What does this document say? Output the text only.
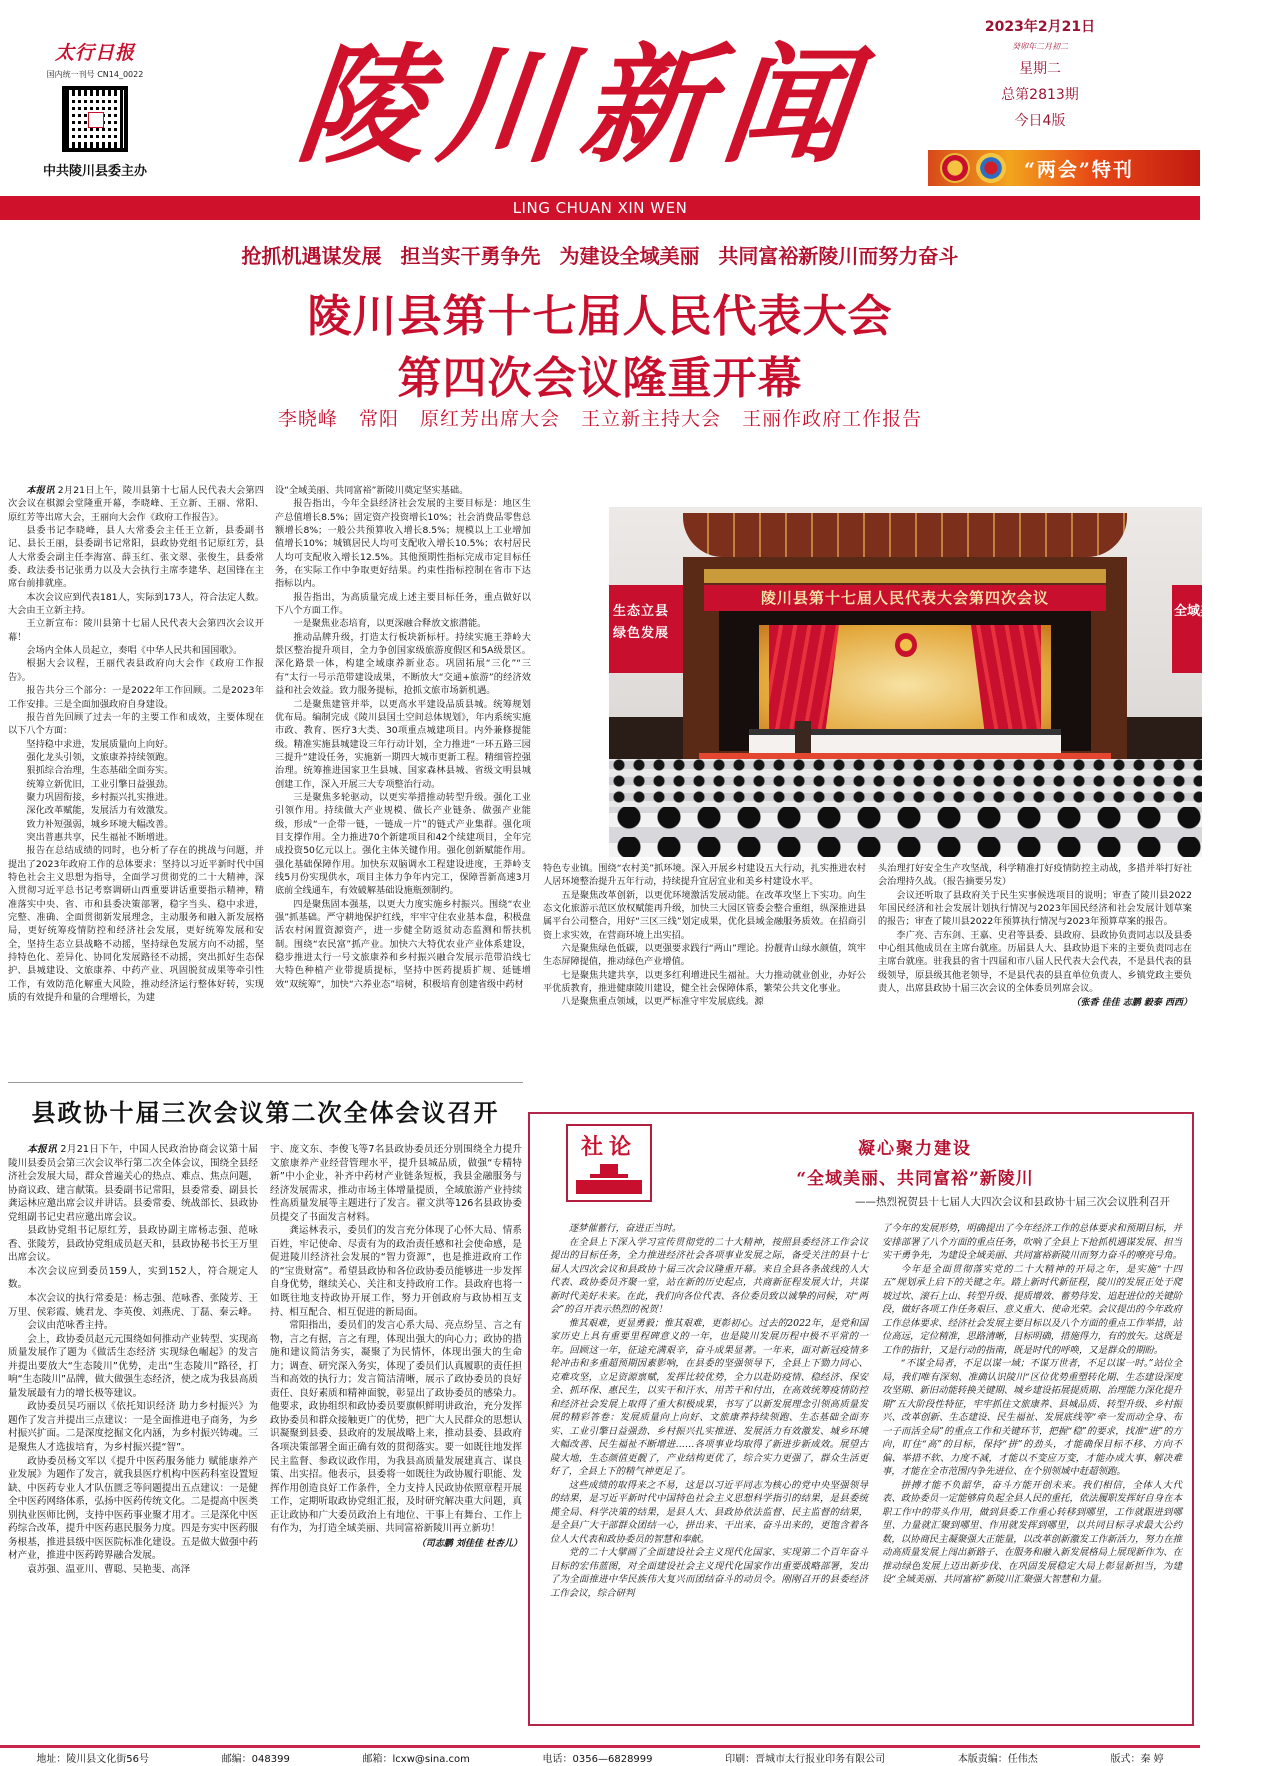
太行日报
国内统一刊号 CN14_0022
中共陵川县委主办 陵
川
新
闻
2023年2月21日
癸卯年二月初二
星期二
总第2813期
今日4版
“两会”特刊
LING CHUAN XIN WEN
抢抓机遇谋发展 担当实干勇争先 为建设全域美丽 共同富裕新陵川而努力奋斗
陵川县第十七届人民代表大会
第四次会议隆重开幕
李晓峰 常阳 原红芳出席大会 王立新主持大会 王丽作政府工作报告

本报讯 2月21日上午，陵川县第十七届人民代表大会第四次会议在棋源会堂隆重开幕，李晓峰、王立新、王丽、常阳、原红芳等出席大会，王丽向大会作《政府工作报告》。

县委书记李晓峰，县人大常委会主任王立新，县委副书记、县长王丽，县委副书记常阳，县政协党组书记原红芳，县人大常委会副主任李海富、薛玉红、张文翠、张俊生，县委常委、政法委书记张勇力以及大会执行主席李建华、赵国锋在主席台前排就座。

本次会议应到代表181人，实际到173人，符合法定人数。大会由王立新主持。

王立新宣布：陵川县第十七届人民代表大会第四次会议开幕！

会场内全体人员起立，奏唱《中华人民共和国国歌》。

根据大会议程，王丽代表县政府向大会作《政府工作报告》。

报告共分三个部分：一是2022年工作回顾。二是2023年工作安排。三是全面加强政府自身建设。

报告首先回顾了过去一年的主要工作和成效，主要体现在以下八个方面：

坚持稳中求进，发展质量向上向好。

强化龙头引领，文旅康养持续领跑。

狠抓综合治理，生态基础全面夯实。

统筹立新优旧，工业引擎日益强劲。

聚力巩固衔接，乡村振兴扎实推进。

深化改革赋能，发展活力有效激发。

致力补短强弱，城乡环境大幅改善。

突出普惠共享，民生福祉不断增进。

报告在总结成绩的同时，也分析了存在的挑战与问题，并提出了2023年政府工作的总体要求：坚持以习近平新时代中国特色社会主义思想为指导，全面学习贯彻党的二十大精神，深入贯彻习近平总书记考察调研山西重要讲话重要指示精神，精准落实中央、省、市和县委决策部署，稳字当头、稳中求进，完整、准确、全面贯彻新发展理念，主动服务和融入新发展格局，更好统筹疫情防控和经济社会发展，更好统筹发展和安全，坚持生态立县战略不动摇，坚持绿色发展方向不动摇，坚持特色化、差异化、协同化发展路径不动摇，突出抓好生态保护、县城建设、文旅康养、中药产业、巩固脱贫成果等牵引性工作，有效防范化解重大风险，推动经济运行整体好转，实现质的有效提升和量的合理增长，为建

设“全域美丽、共同富裕”新陵川奠定坚实基础。

报告指出，今年全县经济社会发展的主要目标是：地区生产总值增长8.5%；固定资产投资增长10%；社会消费品零售总额增长8%；一般公共预算收入增长8.5%；规模以上工业增加值增长10%；城镇居民人均可支配收入增长10.5%；农村居民人均可支配收入增长12.5%。其他预期性指标完成市定目标任务，在实际工作中争取更好结果。约束性指标控制在省市下达指标以内。

报告指出，为高质量完成上述主要目标任务，重点做好以下八个方面工作。

一是聚焦业态培育，以更深融合释放文旅潜能。

推动品牌升级，打造太行板块新标杆。持续实施王莽岭大景区整治提升项目，全力争创国家级旅游度假区和5A级景区。深化路景一体，构建全域康养新业态。巩固拓展“三化”“三有”太行一号示范带建设成果，不断放大“交通+旅游”的经济效益和社会效益。致力服务提标，抢抓文旅市场新机遇。

二是聚焦建管并举，以更高水平建设品质县城。统筹规划优布局。编制完成《陵川县国土空间总体规划》，年内系统实施市政、教育、医疗3大类、30项重点城建项目。内外兼修提能级。精准实施县城建设三年行动计划，全力推进“一环五路三园三提升”建设任务，实施新一期四大城市更新工程。精细管控强治理。统筹推进国家卫生县城、国家森林县城、省级文明县城创建工作，深入开展三大专项整治行动。

三是聚焦多轮驱动，以更实举措推动转型升级。强化工业引领作用。持续做大产业规模、做长产业链条、做强产业能级，形成“一企带一链，一链成一片”的链式产业集群。强化项目支撑作用。全力推进70个新建项目和42个续建项目，全年完成投资50亿元以上。强化主体关键作用。强化创新赋能作用。强化基础保障作用。加快东双脑调水工程建设进度，王莽岭支线5月份实现供水，项目主体力争年内完工，保障晋新高速3月底前全线通车，有效破解基础设施瓶颈制约。

四是聚焦固本强基，以更大力度实施乡村振兴。围绕“农业强”抓基础。严守耕地保护红线，牢牢守住农业基本盘，积极盘活农村闲置资源资产，进一步健全防返贫动态监测和帮扶机制。围绕“农民富”抓产业。加快六大特优农业产业体系建设，稳步推进太行一号文旅康养和乡村振兴融合发展示范带沿线七大特色种植产业带提质提标，坚持中医药提质扩规、延链增效“双统筹”，加快“六养业态”培树，积极培育创建省级中药材

陵川县第十七届人民代表大会第四次会议
生态立县 绿色发展
全域美丽 共同富裕

特色专业镇。围绕“农村美”抓环境。深入开展乡村建设五大行动，扎实推进农村人居环境整治提升五年行动，持续提升宜居宜业和美乡村建设水平。

五是聚焦改革创新，以更优环境激活发展动能。在改革攻坚上下实功。向生态文化旅游示范区放权赋能再升级，加快三大园区管委会整合重组，纵深推进县属平台公司整合，用好“三区三线”划定成果，优化县域金融服务质效。在招商引资上求实效，在营商环境上出实招。

六是聚焦绿色低碳，以更强要求践行“两山”理论。扮靓青山绿水颜值，筑牢生态屏障提值，推动绿色产业增值。

七是聚焦共建共享，以更多红利增进民生福祉。大力推动就业创业，办好公平优质教育，推进健康陵川建设，健全社会保障体系，繁荣公共文化事业。

八是聚焦重点领域，以更严标准守牢发展底线。源

头治理打好安全生产攻坚战，科学精准打好疫情防控主动战，多措并举打好社会治理持久战。（报告摘要另发）

会议还听取了县政府关于民生实事候选项目的说明；审查了陵川县2022年国民经济和社会发展计划执行情况与2023年国民经济和社会发展计划草案的报告；审查了陵川县2022年预算执行情况与2023年预算草案的报告。

李广亮、吉东剑、王嘉、史君等县委、县政府、县政协负责同志以及县委中心组其他成员在主席台就座。历届县人大、县政协退下来的主要负责同志在主席台就座。驻我县的省十四届和市八届人民代表大会代表，不是县代表的县级领导，原县级其他老领导，不是县代表的县直单位负责人、乡镇党政主要负责人，出席县政协十届三次会议的全体委员列席会议。

（张香 佳佳 志鹏 毅泰 西西）
县政协十届三次会议第二次全体会议召开

本报讯 2月21日下午，中国人民政治协商会议第十届陵川县委员会第三次会议举行第二次全体会议，围绕全县经济社会发展大局，群众普遍关心的热点、难点、焦点问题，协商议政、建言献策。县委副书记常阳，县委常委、副县长龚运林应邀出席会议并讲话。县委常委、统战部长、县政协党组副书记史君应邀出席会议。

县政协党组书记原红芳，县政协副主席杨志强、范咏香、张陵芳，县政协党组成员赵天和，县政协秘书长王万里出席会议。

本次会议应到委员159人，实到152人，符合规定人数。

本次会议的执行常委是：杨志强、范咏香、张陵芳、王万里、侯彩霞、姚君龙、李英俊、刘燕虎、丁磊、秦云峰。

会议由范咏香主持。

会上，政协委员赵元元围绕如何推动产业转型、实现高质量发展作了题为《做活生态经济 实现绿色崛起》的发言并提出要放大“生态陵川”优势，走出“生态陵川”路径，打响“生态陵川”品牌，做大做强生态经济，使之成为我县高质量发展最有力的增长极等建议。

政协委员吴巧丽以《依托知识经济 助力乡村振兴》为题作了发言并提出三点建议：一是全面推进电子商务，为乡村振兴扩面。二是深度挖掘文化内涵，为乡村振兴铸魂。三是聚焦人才选拔培育，为乡村振兴提“智”。

政协委员杨文军以《提升中医药服务能力 赋能康养产业发展》为题作了发言，就我县医疗机构中医药科室设置短缺、中医药专业人才队伍匮乏等问题提出五点建议：一是健全中医药网络体系，弘扬中医药传统文化。二是提高中医类别执业医师比例，支持中医药事业聚才用才。三是深化中医药综合改革，提升中医药惠民服务力度。四是夯实中医药服务根基，推进县级中医医院标准化建设。五是做大做强中药材产业，推进中医药跨界融合发展。

袁苏强、温亚川、曹聪、吴艳斐、高泽

宇、庞文东、李俊飞等7名县政协委员还分别围绕全力提升文旅康养产业经营管理水平，提升县城品质，做强“专精特新”中小企业，补齐中药材产业链条短板，我县金融服务与经济发展需求，推动市场主体增量提质，全域旅游产业持续性高质量发展等主题进行了发言。翟文洪等126名县政协委员提交了书面发言材料。

龚运林表示，委员们的发言充分体现了心怀大局、情系百姓，牢记使命、尽责有为的政治责任感和社会使命感，是促进陵川经济社会发展的“智力资源”，也是推进政府工作的“宝贵财富”。希望县政协和各位政协委员能够进一步发挥自身优势，继续关心、关注和支持政府工作。县政府也将一如既往地支持政协开展工作，努力开创政府与政协相互支持、相互配合、相互促进的新局面。

常阳指出，委员们的发言心系大局、亮点纷呈、言之有物，言之有据，言之有理，体现出强大的向心力；政协的措施和建议简洁务实，凝聚了为民情怀，体现出强大的生命力；调查、研究深入务实，体现了委员们认真履职的责任担当和高效的执行力；发言简洁清晰，展示了政协委员的良好责任、良好素质和精神面貌，彰显出了政协委员的感染力。他要求，政协组织和政协委员要旗帜鲜明讲政治，充分发挥政协委员和群众接触更广的优势，把广大人民群众的思想认识凝聚到县委、县政府的发展战略上来，推动县委、县政府各项决策部署全面正确有效的贯彻落实。要一如既往地发挥民主监督、参政议政作用，为我县高质量发展建真言、谋良策、出实招。他表示，县委将一如既往为政协履行职能、发挥作用创造良好工作条件，全力支持人民政协依照章程开展工作，定期听取政协党组汇报，及时研究解决重大问题，真正让政协和广大委员政治上有地位、干事上有舞台、工作上有作为，为打造全域美丽、共同富裕新陵川再立新功！

（司志鹏 刘佳佳 杜杏儿）
社论	凝心聚力建设
“全域美丽、共同富裕”新陵川
——热烈祝贺县十七届人大四次会议和县政协十届三次会议胜利召开

逐梦催蓄行，奋进正当时。

在全县上下深入学习宣传贯彻党的二十大精神，按照县委经济工作会议提出的目标任务，全力推进经济社会各项事业发展之际，备受关注的县十七届人大四次会议和县政协十届三次会议隆重开幕。来自全县各条战线的人大代表、政协委员齐聚一堂，站在新的历史起点，共商新征程发展大计，共谋新时代美好未来。在此，我们向各位代表、各位委员致以诚挚的问候，对“两会”的召开表示热烈的祝贺！

惟其艰难，更显勇毅；惟其艰难，更彰初心。过去的2022年，是党和国家历史上具有重要里程碑意义的一年，也是陵川发展历程中极不平常的一年。回顾这一年，征途充满艰辛，奋斗成果显著。一年来，面对新冠疫情多轮冲击和多重超预期因素影响，在县委的坚强领导下，全县上下勠力同心、克难攻坚，立足资源禀赋，发挥比较优势，全力以赴防疫情、稳经济、保安全、抓环保、惠民生，以实干和汗水、用苦干和付出，在高效统筹疫情防控和经济社会发展上取得了重大积极成果，书写了以新发展理念引领高质量发展的精彩答卷：发展质量向上向好、文旅康养持续领跑、生态基础全面夯实、工业引擎日益强劲、乡村振兴扎实推进、发展活力有效激发、城乡环境大幅改善、民生福祉不断增进……各项事业均取得了新进步新成效。展望古陵大地，生态颜值更靓了，产业结构更优了，综合实力更强了，群众生活更好了，全县上下的精气神更足了。

这些成绩的取得来之不易，这是以习近平同志为核心的党中央坚强领导的结果，是习近平新时代中国特色社会主义思想科学指引的结果，是县委统揽全局、科学决策的结果，是县人大、县政协依法监督、民主监督的结果，是全县广大干部群众团结一心，拼出来、干出来、奋斗出来的，更饱含着各位人大代表和政协委员的智慧和奉献。

党的二十大擘画了全面建设社会主义现代化国家、实现第二个百年奋斗目标的宏伟蓝图，对全面建设社会主义现代化国家作出重要战略部署，发出了为全面推进中华民族伟大复兴而团结奋斗的动员令。刚刚召开的县委经济工作会议，综合研判

了今年的发展形势，明确提出了今年经济工作的总体要求和预期目标，并安排部署了八个方面的重点任务，吹响了全县上下抢抓机遇谋发展、担当实干勇争先，为建设全域美丽、共同富裕新陵川而努力奋斗的嘹亮号角。

今年是全面贯彻落实党的二十大精神的开局之年，是实施“十四五”规划承上启下的关键之年。踏上新时代新征程，陵川的发展正处于爬坡过坎、滚石上山、转型升级、提质增效、蓄势待发、追赶进位的关键阶段，做好各项工作任务艰巨、意义重大、使命光荣。会议提出的今年政府工作总体要求、经济社会发展主要目标以及八个方面的重点工作举措，站位高远，定位精准，思路清晰，目标明确，措施得力，有的放矢。这既是工作的指针，又是行动的指南，既是时代的呼唤，又是群众的期盼。

“不谋全局者，不足以谋一域；不谋万世者，不足以谋一时。”站位全局，我们唯有深刻、准确认识陵川“区位优势重塑转化期、生态建设深度攻坚期、新旧动能转换关键期、城乡建设拓展提质期、治理能力深化提升期”五大阶段性特征，牢牢抓住文旅康养、县城品质、转型升级、乡村振兴、改革创新、生态建设、民生福祉、发展底线等“牵一发而动全身、布一子而活全局”的重点工作和关键环节，把握“稳”的要求，找准“进”的方向，盯住“高”的目标，保持“拼”的劲头，才能确保目标不移、方向不偏、举措不软、力度不减，才能以不变应万变，才能办成大事、解决难事，才能在全市范围内争先进位、在个别领域中赶超领跑。

拼搏才能不负韶华，奋斗方能开创未来。我们相信，全体人大代表、政协委员一定能够肩负起全县人民的重托，依法履职发挥好自身在本职工作中的带头作用，做到县委工作重心转移到哪里，工作就跟进到哪里、力量就汇聚到哪里、作用就发挥到哪里，以共同目标寻求最大公约数，以协商民主凝聚强大正能量，以改革创新激发工作新活力，努力在推动高质量发展上闯出新路子、在服务和融入新发展格局上展现新作为、在推动绿色发展上迈出新步伐、在巩固发展稳定大局上彰显新担当，为建设“全域美丽、共同富裕”新陵川汇聚强大智慧和力量。

地址：陵川县文化街56号	邮编：048399	邮箱：lcxw@sina.com	电话：0356—6828999	印刷：晋城市太行报业印务有限公司	本版责编：任伟杰	版式：秦 婷
